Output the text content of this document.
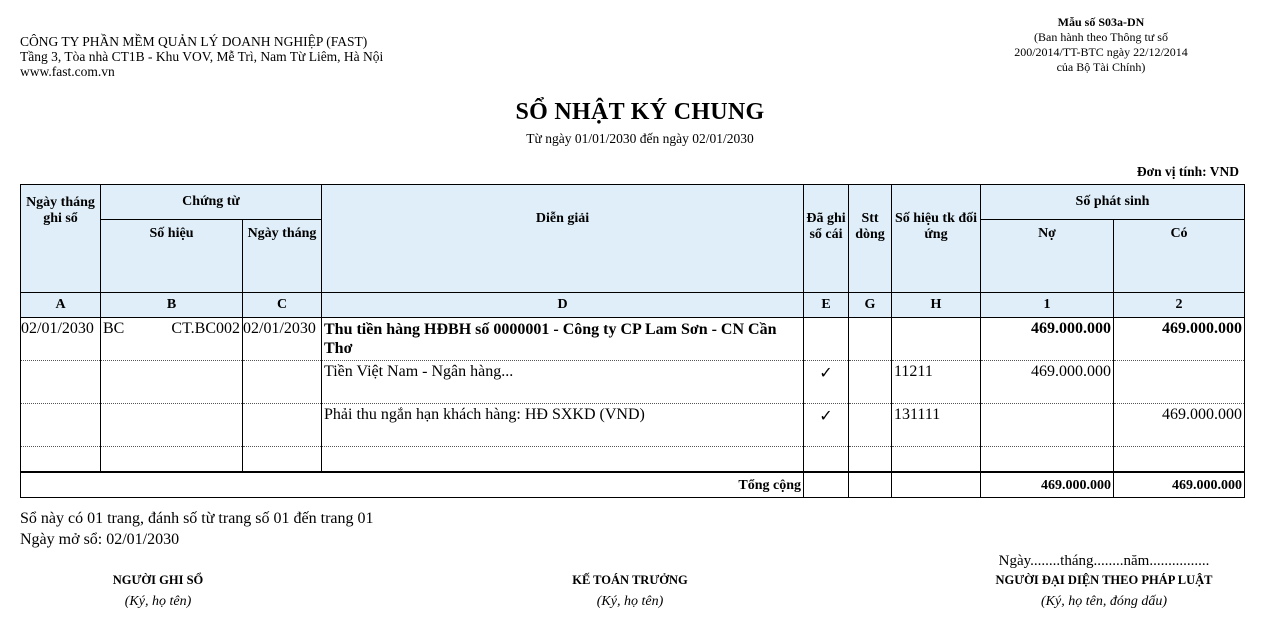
CÔNG TY PHẦN MỀM QUẢN LÝ DOANH NGHIỆP (FAST)
Tầng 3, Tòa nhà CT1B - Khu VOV, Mễ Trì, Nam Từ Liêm, Hà Nội
www.fast.com.vn
Mẫu số S03a-DN
(Ban hành theo Thông tư số
200/2014/TT-BTC ngày 22/12/2014
của Bộ Tài Chính)
SỔ NHẬT KÝ CHUNG
Từ ngày 01/01/2030 đến ngày 02/01/2030
Đơn vị tính: VND
Ngày tháng ghi sổ	Chứng từ		Diễn giải	Đã ghi sổ cái	Stt dòng	Số hiệu tk đối ứng	Số phát sinh	
	Số hiệu	Ngày tháng					Nợ	Có
A	B	C	D	E	G	H	1	2
02/01/2030	BC CT.BC002	02/01/2030	Thu tiền hàng HĐBH số 0000001 - Công ty CP Lam Sơn - CN Cần Thơ				469.000.000	469.000.000
			Tiền Việt Nam - Ngân hàng...	✓		11211	469.000.000	
			Phải thu ngắn hạn khách hàng: HĐ SXKD (VND)	✓		131111		469.000.000

Tổng cộng							469.000.000	469.000.000
Sổ này có 01 trang, đánh số từ trang số 01 đến trang 01
Ngày mở sổ: 02/01/2030
Ngày........tháng........năm................
NGƯỜI GHI SỔ
(Ký, họ tên)
KẾ TOÁN TRƯỞNG
(Ký, họ tên)
NGƯỜI ĐẠI DIỆN THEO PHÁP LUẬT
(Ký, họ tên, đóng dấu)
